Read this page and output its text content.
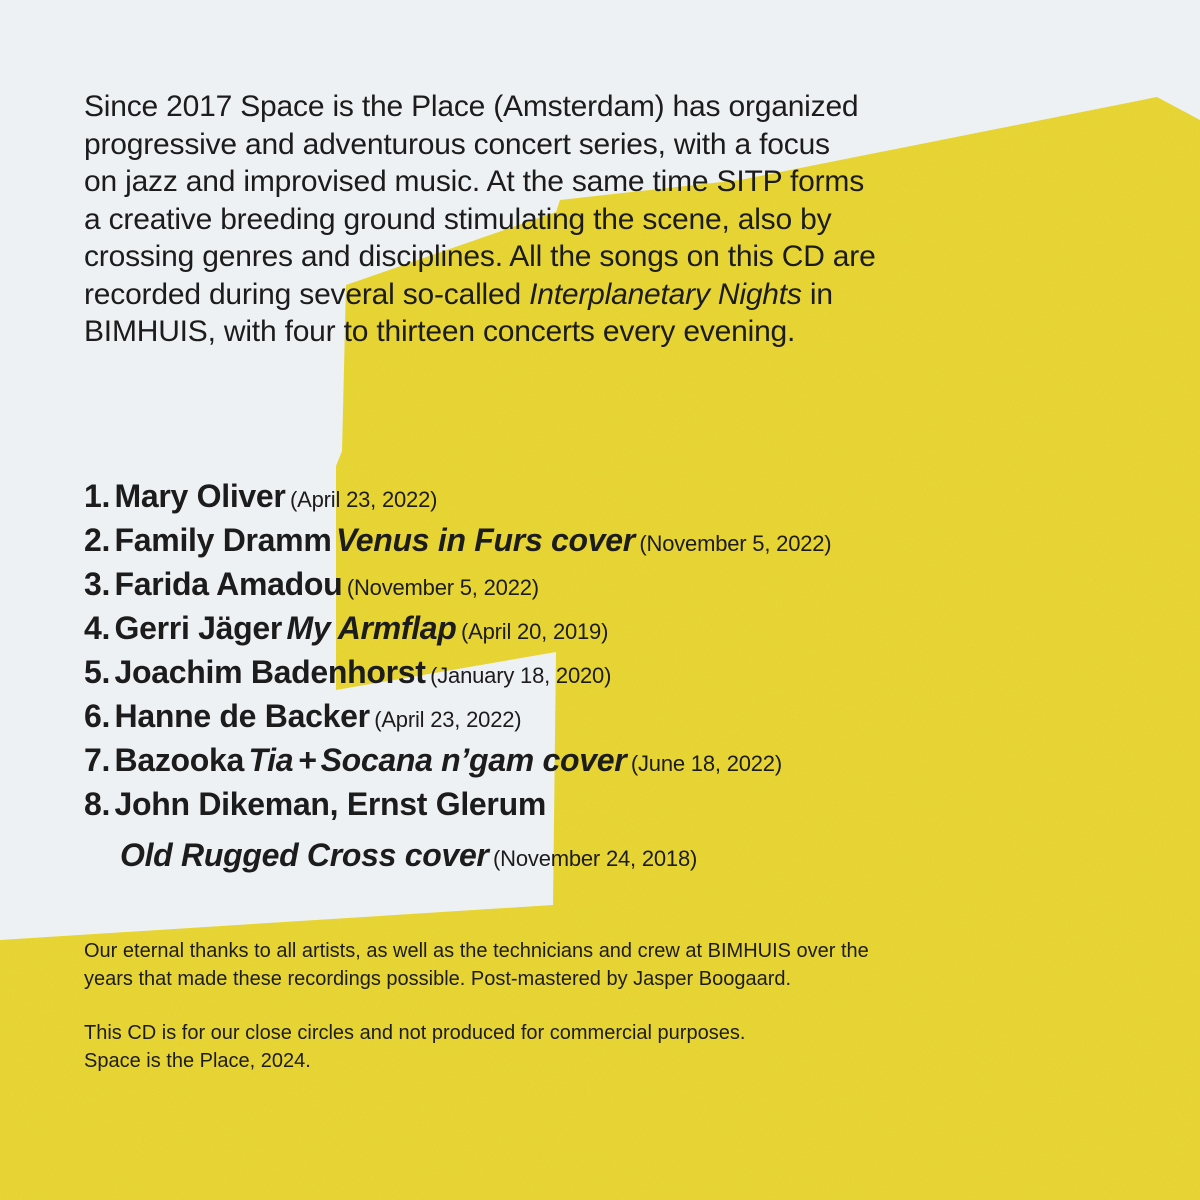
Since 2017 Space is the Place (Amsterdam) has organized
progressive and adventurous concert series, with a focus
on jazz and improvised music. At the same time SITP forms
a creative breeding ground stimulating the scene, also by
crossing genres and disciplines. All the songs on this CD are
recorded during several so-called Interplanetary Nights in
BIMHUIS, with four to thirteen concerts every evening.
1. Mary Oliver (April 23, 2022)
2. Family Dramm Venus in Furs cover (November 5, 2022)
3. Farida Amadou (November 5, 2022)
4. Gerri Jäger My Armflap (April 20, 2019)
5. Joachim Badenhorst (January 18, 2020)
6. Hanne de Backer (April 23, 2022)
7. Bazooka Tia + Socana n’gam cover (June 18, 2022)
8. John Dikeman, Ernst Glerum
Old Rugged Cross cover (November 24, 2018)

Our eternal thanks to all artists, as well as the technicians and crew at BIMHUIS over the

years that made these recordings possible. Post-mastered by Jasper Boogaard.

This CD is for our close circles and not produced for commercial purposes.

Space is the Place, 2024.
